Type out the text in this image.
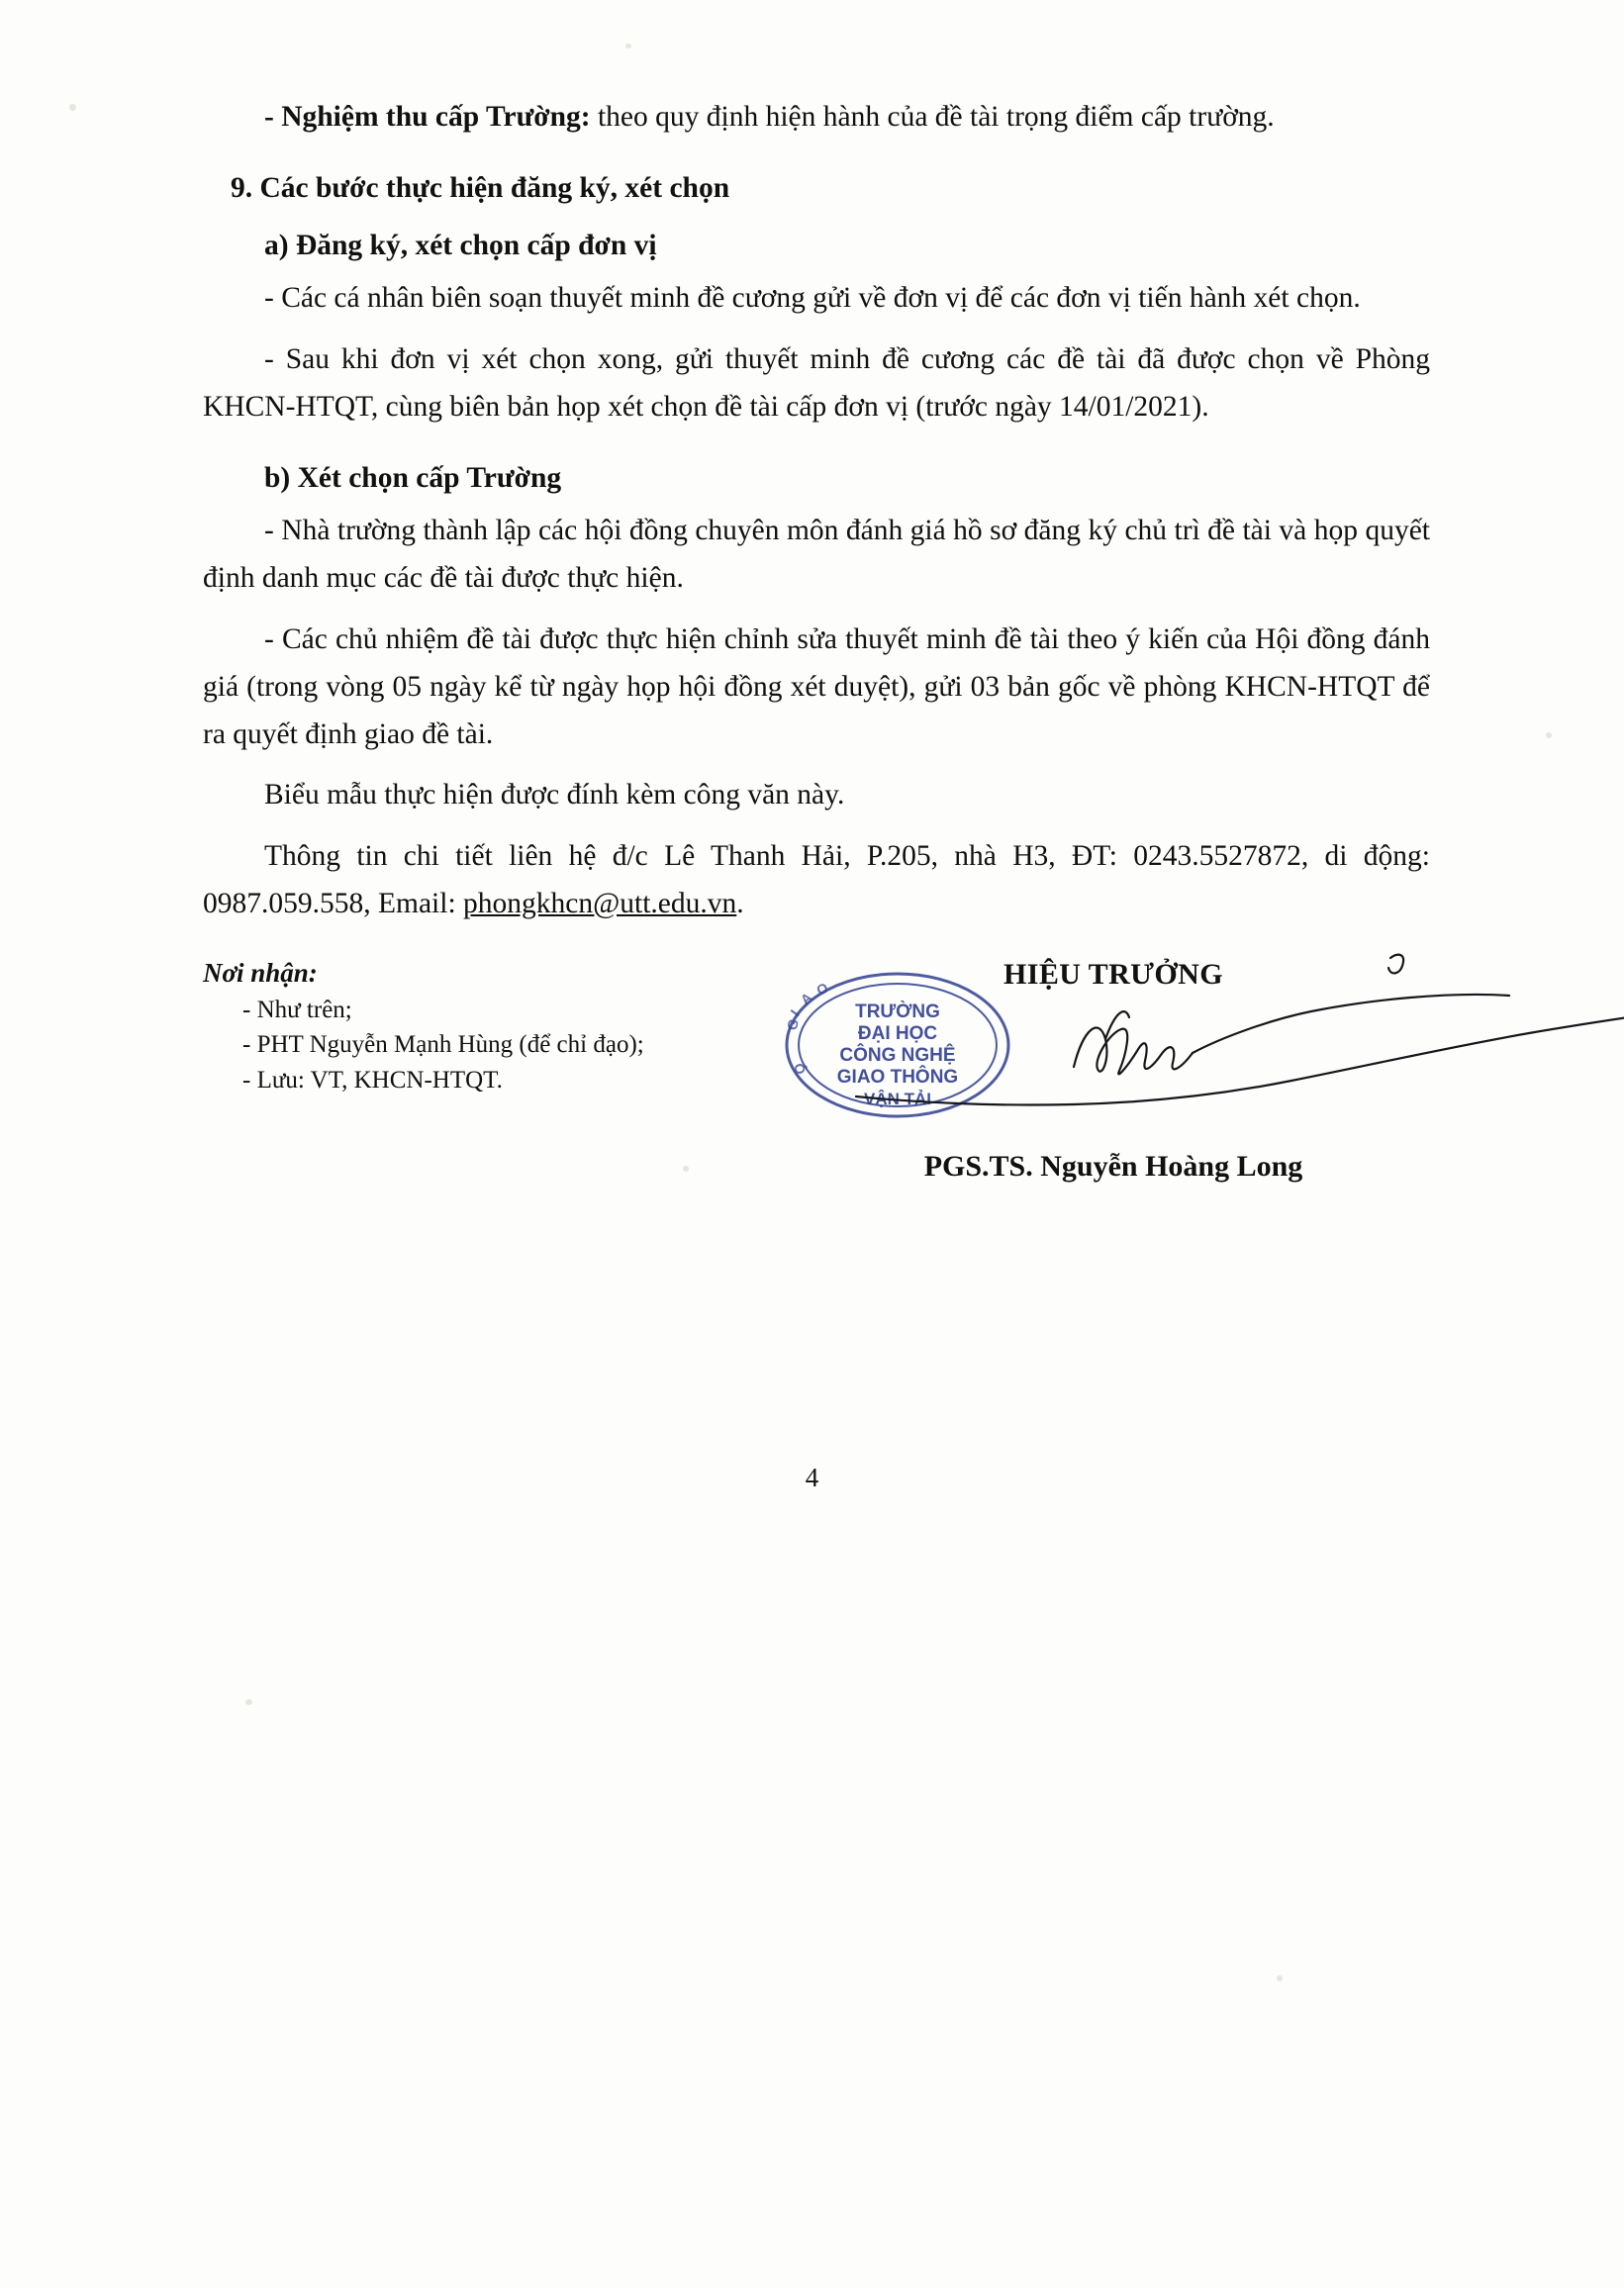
- Nghiệm thu cấp Trường: theo quy định hiện hành của đề tài trọng điểm cấp trường.

9. Các bước thực hiện đăng ký, xét chọn

a) Đăng ký, xét chọn cấp đơn vị

- Các cá nhân biên soạn thuyết minh đề cương gửi về đơn vị để các đơn vị tiến hành xét chọn.

- Sau khi đơn vị xét chọn xong, gửi thuyết minh đề cương các đề tài đã được chọn về Phòng KHCN-HTQT, cùng biên bản họp xét chọn đề tài cấp đơn vị (trước ngày 14/01/2021).

b) Xét chọn cấp Trường

- Nhà trường thành lập các hội đồng chuyên môn đánh giá hồ sơ đăng ký chủ trì đề tài và họp quyết định danh mục các đề tài được thực hiện.

- Các chủ nhiệm đề tài được thực hiện chỉnh sửa thuyết minh đề tài theo ý kiến của Hội đồng đánh giá (trong vòng 05 ngày kể từ ngày họp hội đồng xét duyệt), gửi 03 bản gốc về phòng KHCN-HTQT để ra quyết định giao đề tài.

Biểu mẫu thực hiện được đính kèm công văn này.

Thông tin chi tiết liên hệ đ/c Lê Thanh Hải, P.205, nhà H3, ĐT: 0243.5527872, di động: 0987.059.558, Email: phongkhcn@utt.edu.vn.

Nơi nhận:
- Như trên;
- PHT Nguyễn Mạnh Hùng (để chỉ đạo);
- Lưu: VT, KHCN-HTQT.
HIỆU TRƯỞNG
PGS.TS. Nguyễn Hoàng Long
TRƯỜNG
ĐẠI HỌC
CÔNG NGHỆ
GIAO THÔNG
VẬN TẢI
G
I
A
O
Ô
4
